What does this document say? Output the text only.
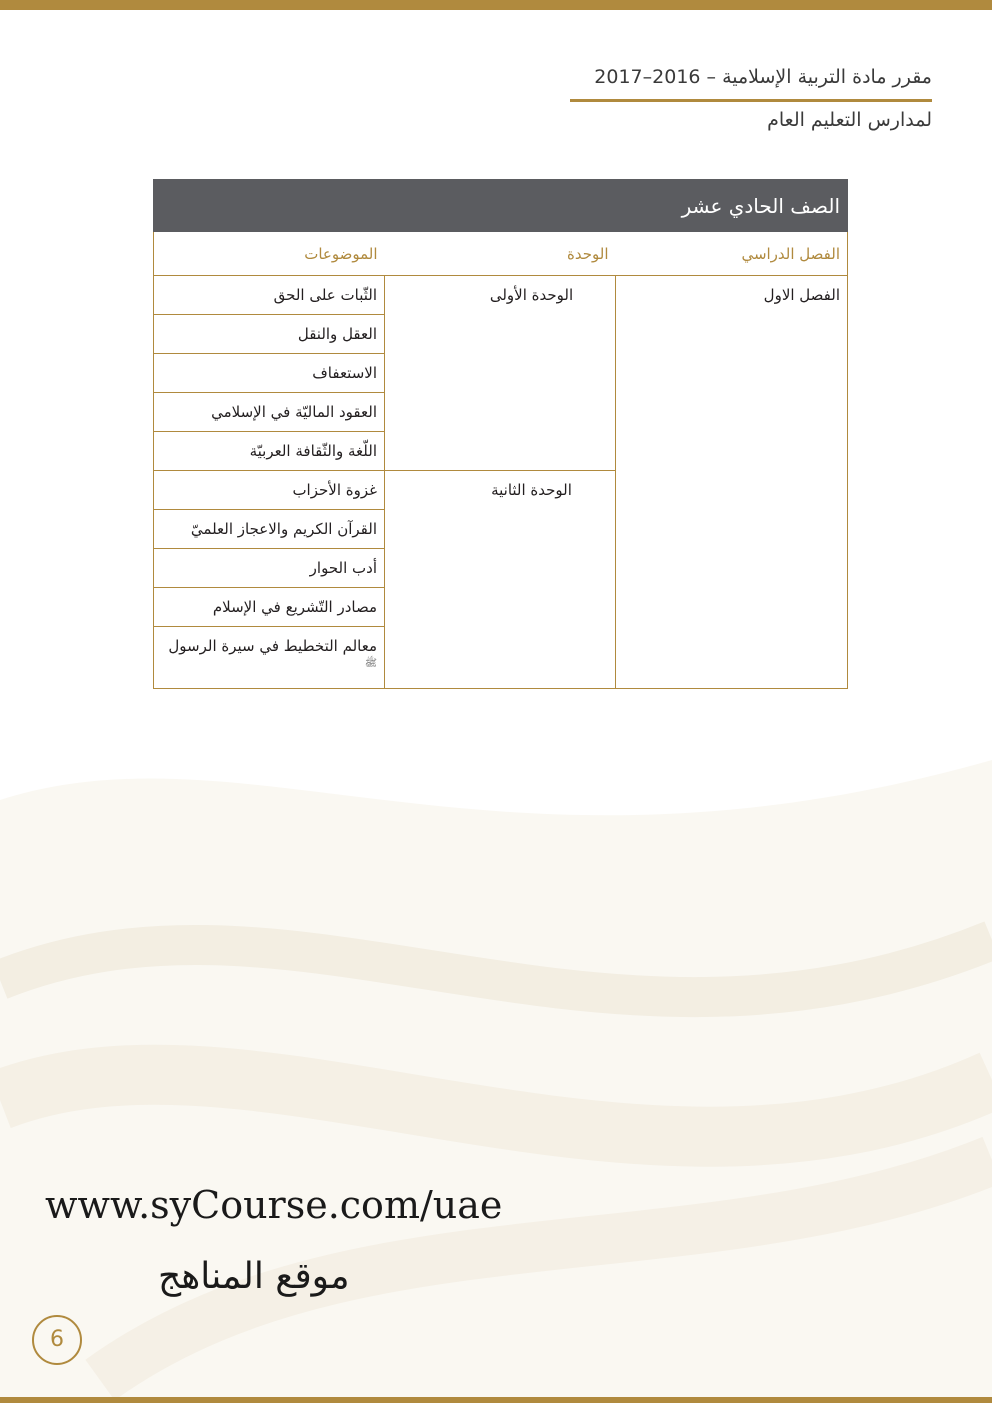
مقرر مادة التربية الإسلامية – 2016–2017
لمدارس التعليم العام
الصف الحادي عشر		
الفصل الدراسي	الوحدة	الموضوعات
الفصل الاول	الوحدة الأولى	الثّبات على الحق
		العقل والنقل
		الاستعفاف
		العقود الماليّة في الإسلامي
		اللّغة والثّقافة العربيّة
	الوحدة الثانية	غزوة الأحزاب
		القرآن الكريم والاعجاز العلميّ
		أدب الحوار
		مصادر التّشريع في الإسلام
		معالم التخطيط في سيرة الرسول
ﷺ
www.syCourse.com/uae
موقع المناهج
6
